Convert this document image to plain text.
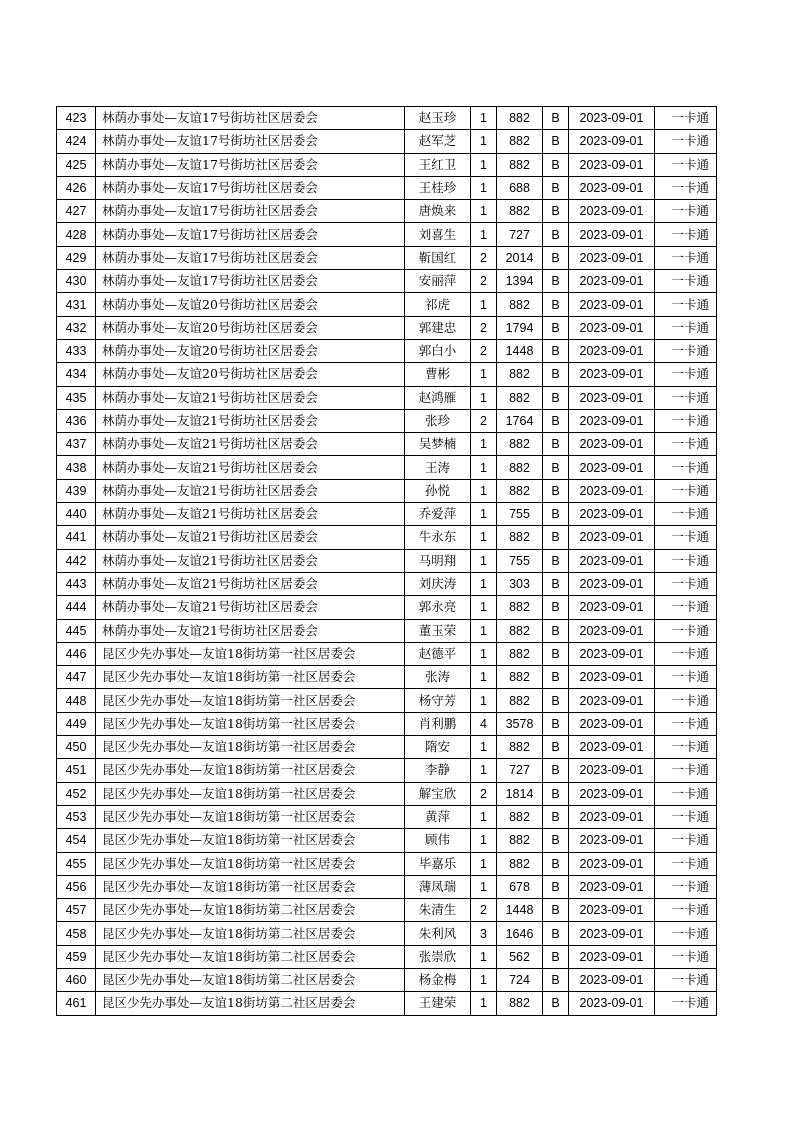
423	林荫办事处—友谊17号街坊社区居委会	赵玉珍	1	882	B	2023-09-01	一卡通
424	林荫办事处—友谊17号街坊社区居委会	赵军芝	1	882	B	2023-09-01	一卡通
425	林荫办事处—友谊17号街坊社区居委会	王红卫	1	882	B	2023-09-01	一卡通
426	林荫办事处—友谊17号街坊社区居委会	王桂珍	1	688	B	2023-09-01	一卡通
427	林荫办事处—友谊17号街坊社区居委会	唐焕来	1	882	B	2023-09-01	一卡通
428	林荫办事处—友谊17号街坊社区居委会	刘喜生	1	727	B	2023-09-01	一卡通
429	林荫办事处—友谊17号街坊社区居委会	靳国红	2	2014	B	2023-09-01	一卡通
430	林荫办事处—友谊17号街坊社区居委会	安丽萍	2	1394	B	2023-09-01	一卡通
431	林荫办事处—友谊20号街坊社区居委会	祁虎	1	882	B	2023-09-01	一卡通
432	林荫办事处—友谊20号街坊社区居委会	郭建忠	2	1794	B	2023-09-01	一卡通
433	林荫办事处—友谊20号街坊社区居委会	郭白小	2	1448	B	2023-09-01	一卡通
434	林荫办事处—友谊20号街坊社区居委会	曹彬	1	882	B	2023-09-01	一卡通
435	林荫办事处—友谊21号街坊社区居委会	赵鸿雁	1	882	B	2023-09-01	一卡通
436	林荫办事处—友谊21号街坊社区居委会	张珍	2	1764	B	2023-09-01	一卡通
437	林荫办事处—友谊21号街坊社区居委会	吴梦楠	1	882	B	2023-09-01	一卡通
438	林荫办事处—友谊21号街坊社区居委会	王涛	1	882	B	2023-09-01	一卡通
439	林荫办事处—友谊21号街坊社区居委会	孙悦	1	882	B	2023-09-01	一卡通
440	林荫办事处—友谊21号街坊社区居委会	乔爱萍	1	755	B	2023-09-01	一卡通
441	林荫办事处—友谊21号街坊社区居委会	牛永东	1	882	B	2023-09-01	一卡通
442	林荫办事处—友谊21号街坊社区居委会	马明翔	1	755	B	2023-09-01	一卡通
443	林荫办事处—友谊21号街坊社区居委会	刘庆涛	1	303	B	2023-09-01	一卡通
444	林荫办事处—友谊21号街坊社区居委会	郭永亮	1	882	B	2023-09-01	一卡通
445	林荫办事处—友谊21号街坊社区居委会	董玉荣	1	882	B	2023-09-01	一卡通
446	昆区少先办事处—友谊18街坊第一社区居委会	赵德平	1	882	B	2023-09-01	一卡通
447	昆区少先办事处—友谊18街坊第一社区居委会	张涛	1	882	B	2023-09-01	一卡通
448	昆区少先办事处—友谊18街坊第一社区居委会	杨守芳	1	882	B	2023-09-01	一卡通
449	昆区少先办事处—友谊18街坊第一社区居委会	肖利鹏	4	3578	B	2023-09-01	一卡通
450	昆区少先办事处—友谊18街坊第一社区居委会	隋安	1	882	B	2023-09-01	一卡通
451	昆区少先办事处—友谊18街坊第一社区居委会	李静	1	727	B	2023-09-01	一卡通
452	昆区少先办事处—友谊18街坊第一社区居委会	解宝欣	2	1814	B	2023-09-01	一卡通
453	昆区少先办事处—友谊18街坊第一社区居委会	黄萍	1	882	B	2023-09-01	一卡通
454	昆区少先办事处—友谊18街坊第一社区居委会	顾伟	1	882	B	2023-09-01	一卡通
455	昆区少先办事处—友谊18街坊第一社区居委会	毕嘉乐	1	882	B	2023-09-01	一卡通
456	昆区少先办事处—友谊18街坊第一社区居委会	薄凤瑞	1	678	B	2023-09-01	一卡通
457	昆区少先办事处—友谊18街坊第二社区居委会	朱清生	2	1448	B	2023-09-01	一卡通
458	昆区少先办事处—友谊18街坊第二社区居委会	朱利风	3	1646	B	2023-09-01	一卡通
459	昆区少先办事处—友谊18街坊第二社区居委会	张崇欣	1	562	B	2023-09-01	一卡通
460	昆区少先办事处—友谊18街坊第二社区居委会	杨金梅	1	724	B	2023-09-01	一卡通
461	昆区少先办事处—友谊18街坊第二社区居委会	王建荣	1	882	B	2023-09-01	一卡通
